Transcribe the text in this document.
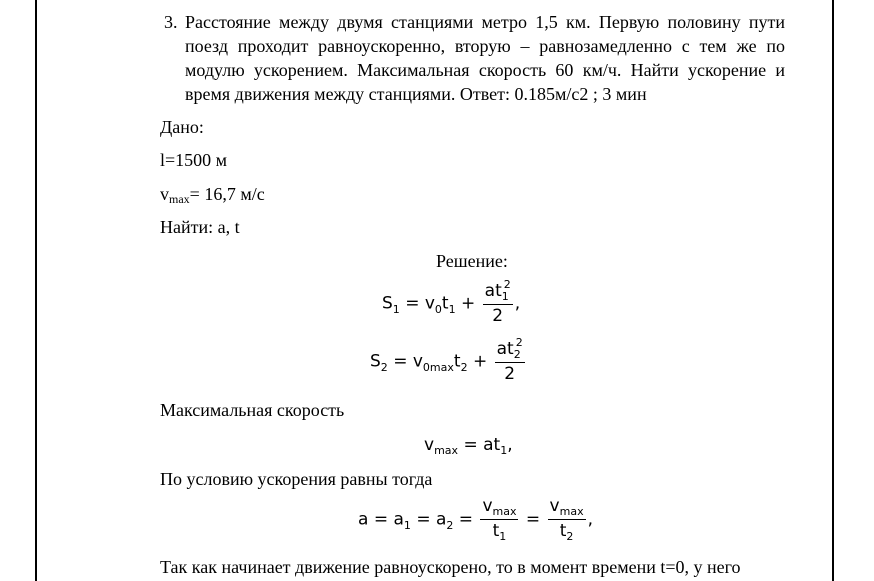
3. Расстояние между двумя станциями метро 1,5 км. Первую половину пути поезд проходит равноускоренно, вторую – равнозамедленно с тем же по модулю ускорением. Максимальная скорость 60 км/ч. Найти ускорение и время движения между станциями. Ответ: 0.185м/с2 ; 3 мин
Дано:
l=1500 м
vmax= 16,7 м/с
Найти: a, t
Решение:
$S_1 = v_0t_1 + \frac{at_1^2}{2}$ ,
$S_2 = v_{0max}t_2 + \frac{at_2^2}{2}$
Максимальная скорость
$v_{max} = at_1$,
По условию ускорения равны тогда
$a = a_1 = a_2 = \frac{v_{max}}{t_1} = \frac{v_{max}}{t_2}$ ,
Так как начинает движение равноускорено, то в момент времени t=0, у него
